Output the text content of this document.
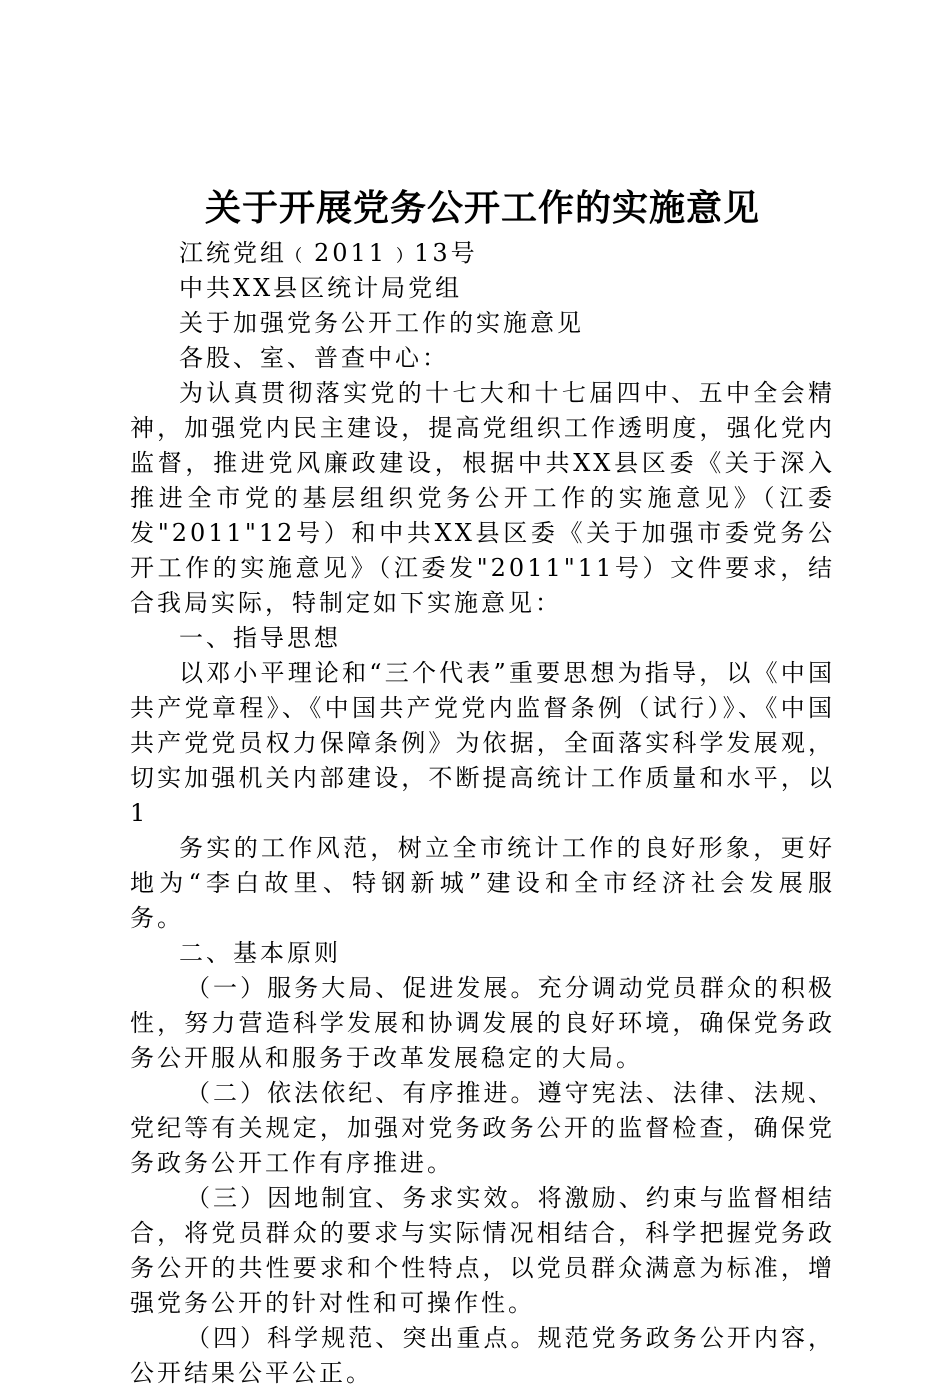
关于开展党务公开工作的实施意见

江统党组﹙2011﹚13号

中共XX县区统计局党组

关于加强党务公开工作的实施意见

各股、室、普查中心：

为认真贯彻落实党的十七大和十七届四中、五中全会精神，加强党内民主建设，提高党组织工作透明度，强化党内监督，推进党风廉政建设，根据中共XX县区委《关于深入推进全市党的基层组织党务公开工作的实施意见》（江委发"2011"12号）和中共XX县区委《关于加强市委党务公开工作的实施意见》（江委发"2011"11号）文件要求，结合我局实际，特制定如下实施意见：

一、指导思想

以邓小平理论和“三个代表”重要思想为指导，以《中国共产党章程》、《中国共产党党内监督条例（试行）》、《中国共产党党员权力保障条例》为依据，全面落实科学发展观，切实加强机关内部建设，不断提高统计工作质量和水平，以1

务实的工作风范，树立全市统计工作的良好形象，更好地为“李白故里、特钢新城”建设和全市经济社会发展服务。

二、基本原则

（一）服务大局、促进发展。充分调动党员群众的积极性，努力营造科学发展和协调发展的良好环境，确保党务政务公开服从和服务于改革发展稳定的大局。

（二）依法依纪、有序推进。遵守宪法、法律、法规、党纪等有关规定，加强对党务政务公开的监督检查，确保党务政务公开工作有序推进。

（三）因地制宜、务求实效。将激励、约束与监督相结合，将党员群众的要求与实际情况相结合，科学把握党务政务公开的共性要求和个性特点，以党员群众满意为标准，增强党务公开的针对性和可操作性。

（四）科学规范、突出重点。规范党务政务公开内容，公开结果公平公正。
